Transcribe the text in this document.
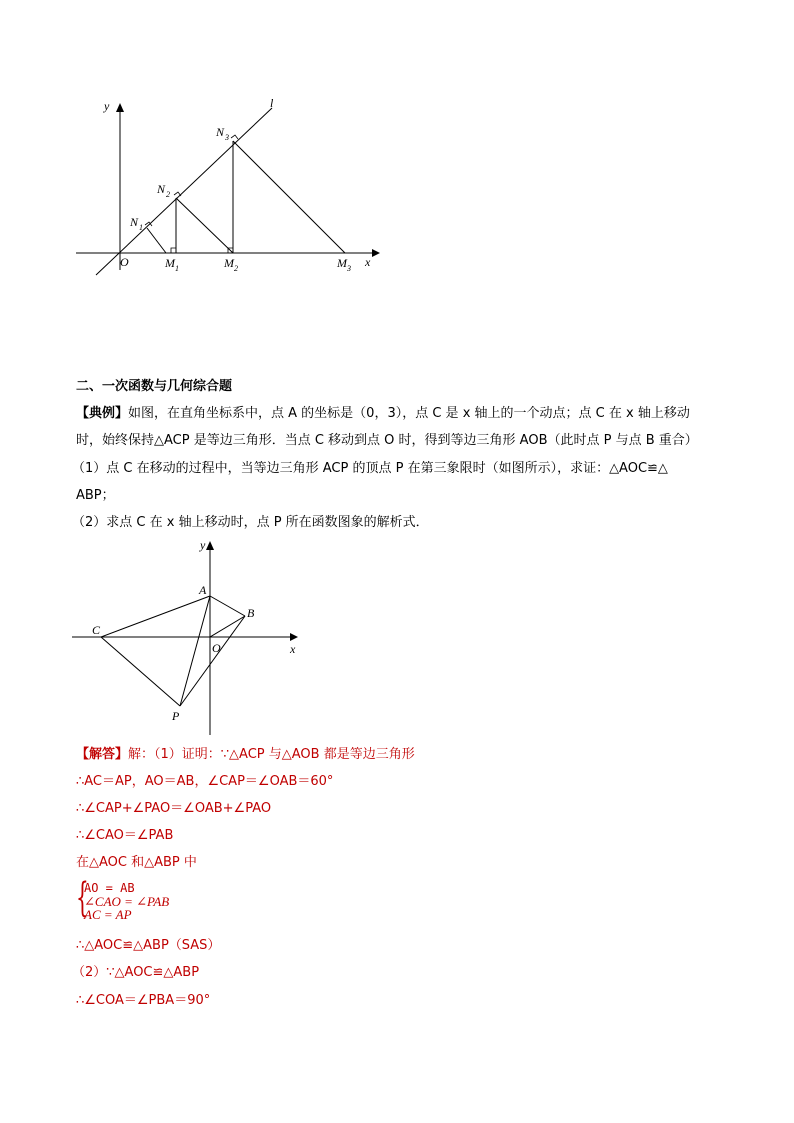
y	l
x
O
N 1
N 2
N 3
M 1	M 2	M 3
二、一次函数与几何综合题
【典例】如图，在直角坐标系中，点 A 的坐标是（0，3），点 C 是 x 轴上的一个动点；点 C 在 x 轴上移动
时，始终保持△ACP 是等边三角形．当点 C 移动到点 O 时，得到等边三角形 AOB（此时点 P 与点 B 重合）
（1）点 C 在移动的过程中，当等边三角形 ACP 的顶点 P 在第三象限时（如图所示），求证：△AOC≌△
ABP；
（2）求点 C 在 x 轴上移动时，点 P 所在函数图象的解析式．
y
x
A
B
C
O
P
【解答】解：（1）证明：∵△ACP 与△AOB 都是等边三角形
∴AC＝AP，AO＝AB，∠CAP＝∠OAB＝60°
∴∠CAP+∠PAO＝∠OAB+∠PAO
∴∠CAO＝∠PAB
在△AOC 和△ABP 中
{
AO = AB
∠CAO = ∠PAB
AC = AP
∴△AOC≌△ABP（SAS）
（2）∵△AOC≌△ABP
∴∠COA＝∠PBA＝90°
